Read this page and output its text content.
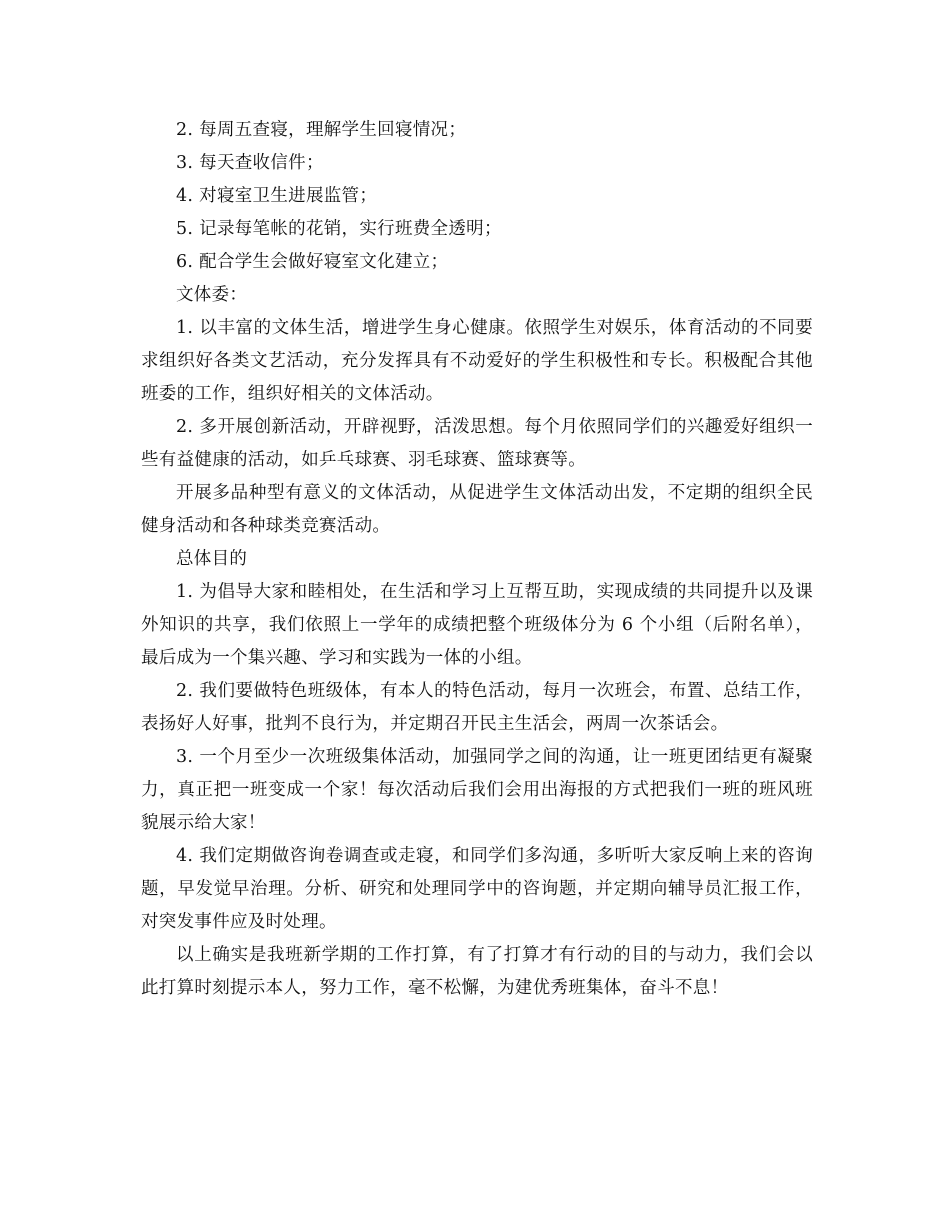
2. 每周五查寝，理解学生回寝情况；

3. 每天查收信件；

4. 对寝室卫生进展监管；

5. 记录每笔帐的花销，实行班费全透明；

6. 配合学生会做好寝室文化建立；

文体委：

1. 以丰富的文体生活，增进学生身心健康。依照学生对娱乐，体育活动的不同要求组织好各类文艺活动，充分发挥具有不动爱好的学生积极性和专长。积极配合其他班委的工作，组织好相关的文体活动。

2. 多开展创新活动，开辟视野，活泼思想。每个月依照同学们的兴趣爱好组织一些有益健康的活动，如乒乓球赛、羽毛球赛、篮球赛等。

开展多品种型有意义的文体活动，从促进学生文体活动出发，不定期的组织全民健身活动和各种球类竞赛活动。

总体目的

1. 为倡导大家和睦相处，在生活和学习上互帮互助，实现成绩的共同提升以及课外知识的共享，我们依照上一学年的成绩把整个班级体分为 6 个小组（后附名单），最后成为一个集兴趣、学习和实践为一体的小组。

2. 我们要做特色班级体，有本人的特色活动，每月一次班会，布置、总结工作，表扬好人好事，批判不良行为，并定期召开民主生活会，两周一次茶话会。

3. 一个月至少一次班级集体活动，加强同学之间的沟通，让一班更团结更有凝聚力，真正把一班变成一个家！每次活动后我们会用出海报的方式把我们一班的班风班貌展示给大家！

4. 我们定期做咨询卷调查或走寝，和同学们多沟通，多听听大家反响上来的咨询题，早发觉早治理。分析、研究和处理同学中的咨询题，并定期向辅导员汇报工作，对突发事件应及时处理。

以上确实是我班新学期的工作打算，有了打算才有行动的目的与动力，我们会以此打算时刻提示本人，努力工作，毫不松懈，为建优秀班集体，奋斗不息！
